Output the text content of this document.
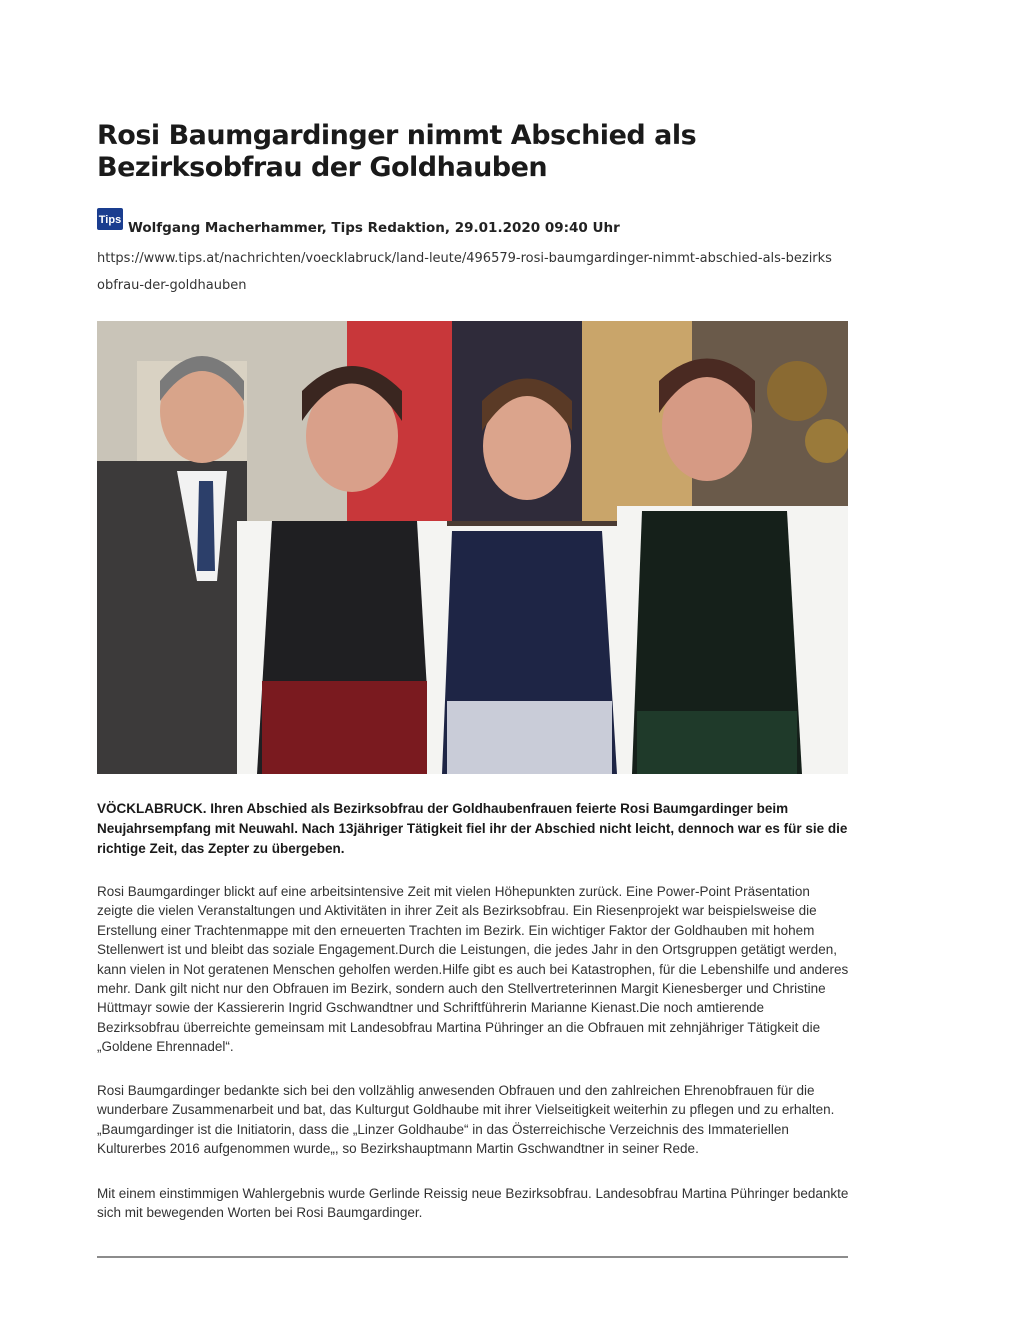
Rosi Baumgardinger nimmt Abschied als Bezirksobfrau der Goldhauben
Tips Wolfgang Macherhammer, Tips Redaktion, 29.01.2020 09:40 Uhr
https://www.tips.at/nachrichten/voecklabruck/land-leute/496579-rosi-baumgardinger-nimmt-abschied-als-bezirksobfrau-der-goldhauben

VÖCKLABRUCK. Ihren Abschied als Bezirksobfrau der Goldhaubenfrauen feierte Rosi Baumgardinger beim Neujahrsempfang mit Neuwahl. Nach 13jähriger Tätigkeit fiel ihr der Abschied nicht leicht, dennoch war es für sie die richtige Zeit, das Zepter zu übergeben.

Rosi Baumgardinger blickt auf eine arbeitsintensive Zeit mit vielen Höhepunkten zurück. Eine Power-Point Präsentation zeigte die vielen Veranstaltungen und Aktivitäten in ihrer Zeit als Bezirksobfrau. Ein Riesenprojekt war beispielsweise die Erstellung einer Trachtenmappe mit den erneuerten Trachten im Bezirk. Ein wichtiger Faktor der Goldhauben mit hohem Stellenwert ist und bleibt das soziale Engagement.Durch die Leistungen, die jedes Jahr in den Ortsgruppen getätigt werden, kann vielen in Not geratenen Menschen geholfen werden.Hilfe gibt es auch bei Katastrophen, für die Lebenshilfe und anderes mehr. Dank gilt nicht nur den Obfrauen im Bezirk, sondern auch den Stellvertreterinnen Margit Kienesberger und Christine Hüttmayr sowie der Kassiererin Ingrid Gschwandtner und Schriftführerin Marianne Kienast.Die noch amtierende Bezirksobfrau überreichte gemeinsam mit Landesobfrau Martina Pühringer an die Obfrauen mit zehnjähriger Tätigkeit die „Goldene Ehrennadel“.

Rosi Baumgardinger bedankte sich bei den vollzählig anwesenden Obfrauen und den zahlreichen Ehrenobfrauen für die wunderbare Zusammenarbeit und bat, das Kulturgut Goldhaube mit ihrer Vielseitigkeit weiterhin zu pflegen und zu erhalten.„Baumgardinger ist die Initiatorin, dass die „Linzer Goldhaube“ in das Österreichische Verzeichnis des Immateriellen Kulturerbes 2016 aufgenommen wurde„, so Bezirkshauptmann Martin Gschwandtner in seiner Rede.

Mit einem einstimmigen Wahlergebnis wurde Gerlinde Reissig neue Bezirksobfrau. Landesobfrau Martina Pühringer bedankte sich mit bewegenden Worten bei Rosi Baumgardinger.
